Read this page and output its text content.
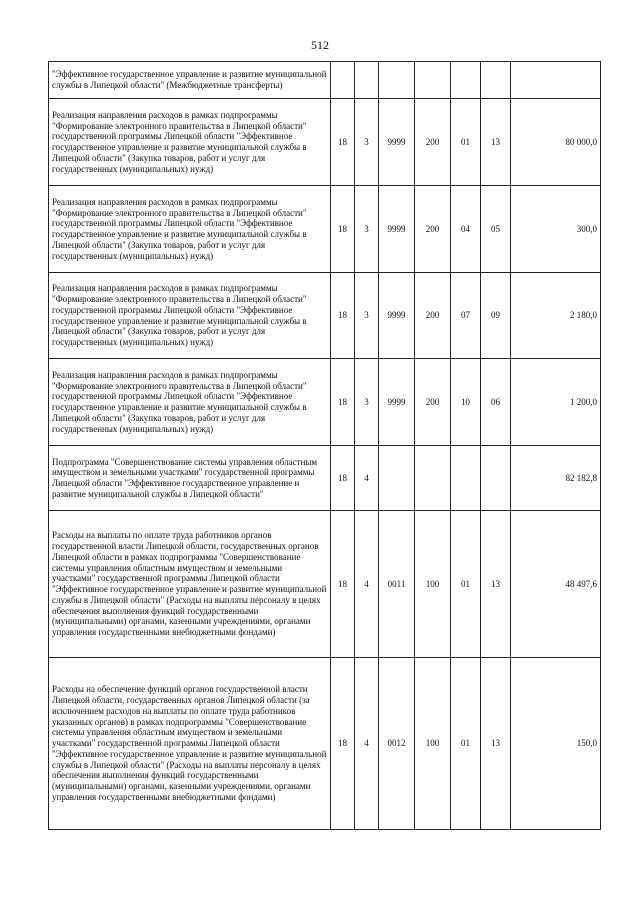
512
"Эффективное государственное управление и развитие муниципальной службы в Липецкой области" (Межбюджетные трансферты)							
Реализация направления расходов в рамках подпрограммы "Формирование электронного правительства в Липецкой области" государственной программы Липецкой области "Эффективное государственное управление и развитие муниципальной службы в Липецкой области" (Закупка товаров, работ и услуг для государственных (муниципальных) нужд)	18	3	9999	200	01	13	80 000,0
Реализация направления расходов в рамках подпрограммы "Формирование электронного правительства в Липецкой области" государственной программы Липецкой области "Эффективное государственное управление и развитие муниципальной службы в Липецкой области" (Закупка товаров, работ и услуг для государственных (муниципальных) нужд)	18	3	9999	200	04	05	300,0
Реализация направления расходов в рамках подпрограммы "Формирование электронного правительства в Липецкой области" государственной программы Липецкой области "Эффективное государственное управление и развитие муниципальной службы в Липецкой области" (Закупка товаров, работ и услуг для государственных (муниципальных) нужд)	18	3	9999	200	07	09	2 180,0
Реализация направления расходов в рамках подпрограммы "Формирование электронного правительства в Липецкой области" государственной программы Липецкой области "Эффективное государственное управление и развитие муниципальной службы в Липецкой области" (Закупка товаров, работ и услуг для государственных (муниципальных) нужд)	18	3	9999	200	10	06	1 200,0
Подпрограмма "Совершенствование системы управления областным имуществом и земельными участками" государственной программы Липецкой области "Эффективное государственное управление и развитие муниципальной службы в Липецкой области"	18	4					82 182,8
Расходы на выплаты по оплате труда работников органов государственной власти Липецкой области, государственных органов Липецкой области в рамках подпрограммы "Совершенствование системы управления областным имуществом и земельными участками" государственной программы Липецкой области "Эффективное государственное управление и развитие муниципальной службы в Липецкой области" (Расходы на выплаты персоналу в целях обеспечения выполнения функций государственными (муниципальными) органами, казенными учреждениями, органами управления государственными внебюджетными фондами)	18	4	0011	100	01	13	48 497,6
Расходы на обеспечение функций органов государственной власти Липецкой области, государственных органов Липецкой области (за исключением расходов на выплаты по оплате труда работников указанных органов) в рамках подпрограммы "Совершенствование системы управления областным имуществом и земельными участками" государственной программы Липецкой области "Эффективное государственное управление и развитие муниципальной службы в Липецкой области" (Расходы на выплаты персоналу в целях обеспечения выполнения функций государственными (муниципальными) органами, казенными учреждениями, органами управления государственными внебюджетными фондами)	18	4	0012	100	01	13	150,0
